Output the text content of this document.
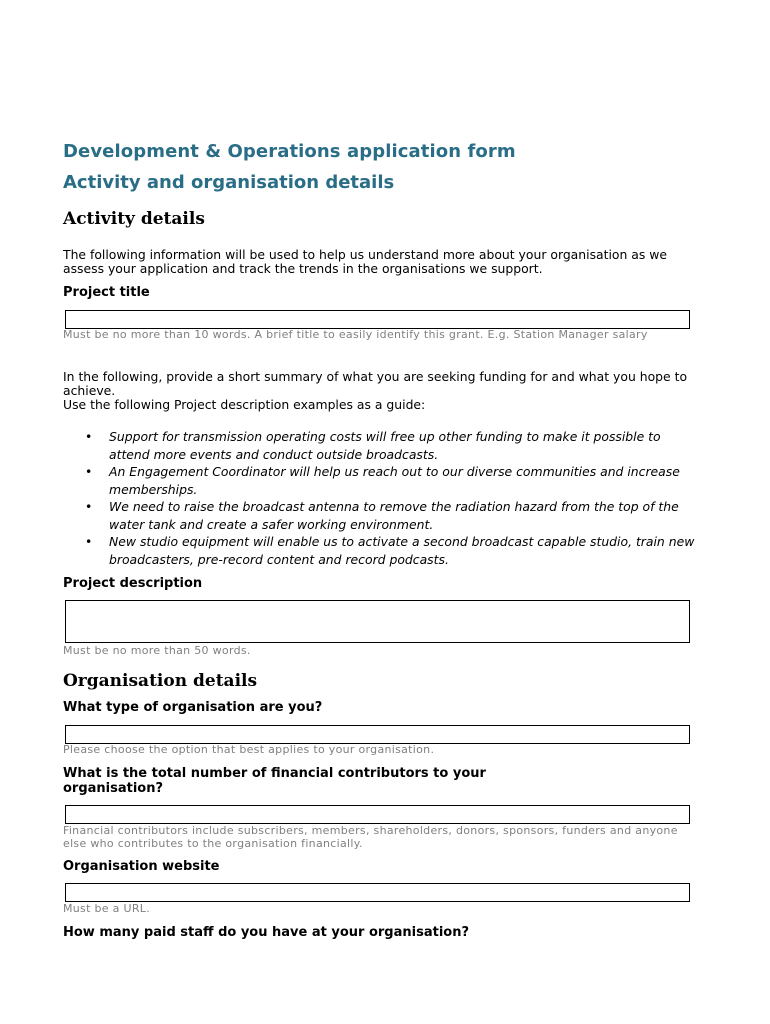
Development & Operations application form
Activity and organisation details
Activity details
The following information will be used to help us understand more about your organisation as we assess your application and track the trends in the organisations we support.
Project title
Must be no more than 10 words. A brief title to easily identify this grant. E.g. Station Manager salary
In the following, provide a short summary of what you are seeking funding for and what you hope to achieve.
Use the following Project description examples as a guide:
• Support for transmission operating costs will free up other funding to make it possible to attend more events and conduct outside broadcasts.
• An Engagement Coordinator will help us reach out to our diverse communities and increase memberships.
• We need to raise the broadcast antenna to remove the radiation hazard from the top of the water tank and create a safer working environment.
• New studio equipment will enable us to activate a second broadcast capable studio, train new broadcasters, pre-record content and record podcasts.
Project description
Must be no more than 50 words.
Organisation details
What type of organisation are you?
Please choose the option that best applies to your organisation.
What is the total number of financial contributors to your organisation?
Financial contributors include subscribers, members, shareholders, donors, sponsors, funders and anyone else who contributes to the organisation financially.
Organisation website
Must be a URL.
How many paid staff do you have at your organisation?
